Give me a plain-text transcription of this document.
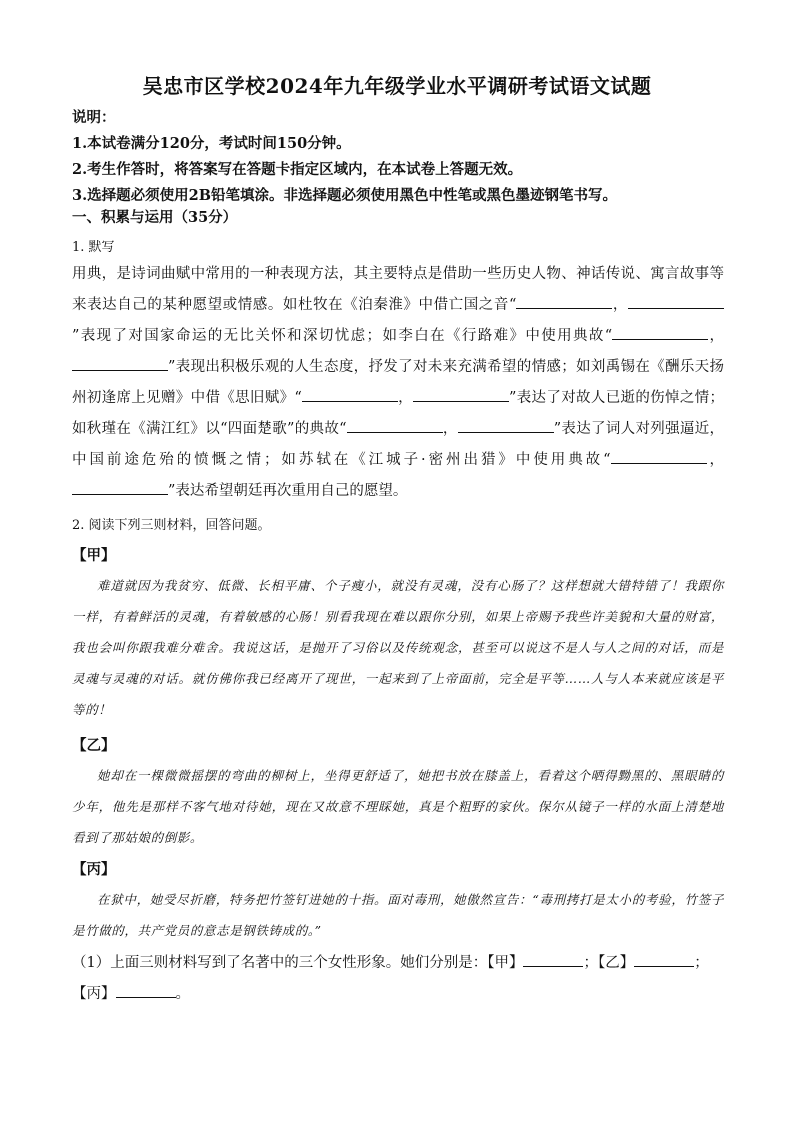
吴忠市区学校2024年九年级学业水平调研考试语文试题
说明：
1.本试卷满分120分，考试时间150分钟。
2.考生作答时，将答案写在答题卡指定区域内，在本试卷上答题无效。
3.选择题必须使用2B铅笔填涂。非选择题必须使用黑色中性笔或黑色墨迹钢笔书写。
一、积累与运用（35分）
1. 默写
用典，是诗词曲赋中常用的一种表现方法，其主要特点是借助一些历史人物、神话传说、寓言故事等来表达自己的某种愿望或情感。如杜牧在《泊秦淮》中借亡国之音“	，”表现了对国家命运的无比关怀和深切忧虑；如李白在《行路难》中使用典故“	，”表现出积极乐观的人生态度，抒发了对未来充满希望的情感；如刘禹锡在《酬乐天扬州初逢席上见赠》中借《思旧赋》“	，	”表达了对故人已逝的伤悼之情；如秋瑾在《满江红》以“四面楚歌”的典故“	，	”表达了词人对列强逼近，中国前途危殆的愤慨之情；如苏轼在《江城子·密州出猎》中使用典故“	，”表达希望朝廷再次重用自己的愿望。
2. 阅读下列三则材料，回答问题。
【甲】
难道就因为我贫穷、低微、长相平庸、个子瘦小，就没有灵魂，没有心肠了？这样想就大错特错了！我跟你一样，有着鲜活的灵魂，有着敏感的心肠！别看我现在难以跟你分别，如果上帝赐予我些许美貌和大量的财富，我也会叫你跟我难分难舍。我说这话，是抛开了习俗以及传统观念，甚至可以说这不是人与人之间的对话，而是灵魂与灵魂的对话。就仿佛你我已经离开了现世，一起来到了上帝面前，完全是平等……人与人本来就应该是平等的！
【乙】
她却在一棵微微摇摆的弯曲的柳树上，坐得更舒适了，她把书放在膝盖上，看着这个晒得黝黑的、黑眼睛的少年，他先是那样不客气地对待她，现在又故意不理睬她，真是个粗野的家伙。保尔从镜子一样的水面上清楚地看到了那姑娘的倒影。
【丙】
在狱中，她受尽折磨，特务把竹签钉进她的十指。面对毒刑，她傲然宣告：“毒刑拷打是太小的考验，竹签子是竹做的，共产党员的意志是钢铁铸成的。”
（1）上面三则材料写到了名著中的三个女性形象。她们分别是：【甲】	；【乙】	；
【丙】	。
